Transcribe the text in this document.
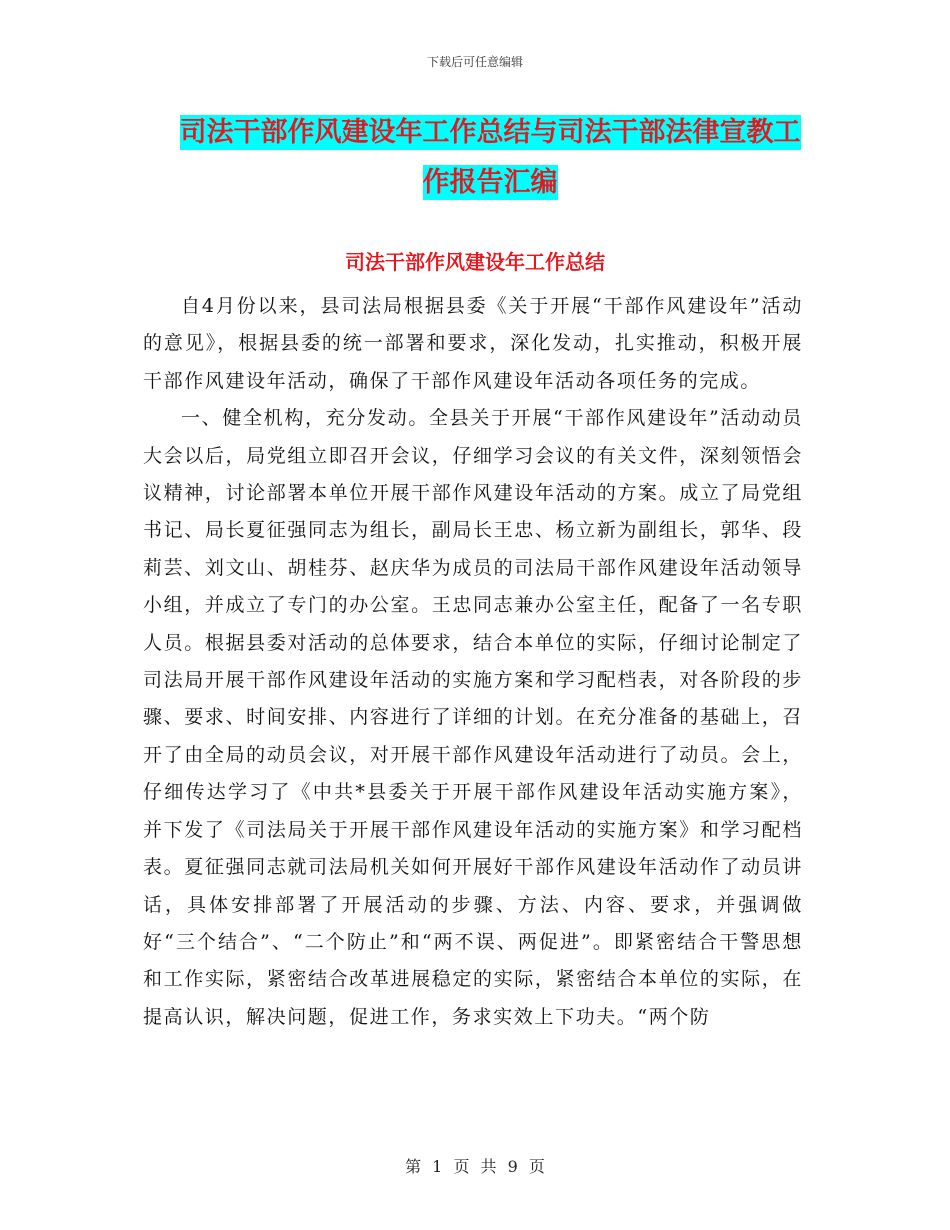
下载后可任意编辑
司法干部作风建设年工作总结与司法干部法律宣教工
作报告汇编
司法干部作风建设年工作总结

自4月份以来，县司法局根据县委《关于开展“干部作风建设年”活动的意见》，根据县委的统一部署和要求，深化发动，扎实推动，积极开展干部作风建设年活动，确保了干部作风建设年活动各项任务的完成。

一、健全机构，充分发动。全县关于开展“干部作风建设年”活动动员大会以后，局党组立即召开会议，仔细学习会议的有关文件，深刻领悟会议精神，讨论部署本单位开展干部作风建设年活动的方案。成立了局党组书记、局长夏征强同志为组长，副局长王忠、杨立新为副组长，郭华、段莉芸、刘文山、胡桂芬、赵庆华为成员的司法局干部作风建设年活动领导小组，并成立了专门的办公室。王忠同志兼办公室主任，配备了一名专职人员。根据县委对活动的总体要求，结合本单位的实际，仔细讨论制定了司法局开展干部作风建设年活动的实施方案和学习配档表，对各阶段的步骤、要求、时间安排、内容进行了详细的计划。在充分准备的基础上，召开了由全局的动员会议，对开展干部作风建设年活动进行了动员。会上，仔细传达学习了《中共*县委关于开展干部作风建设年活动实施方案》，并下发了《司法局关于开展干部作风建设年活动的实施方案》和学习配档表。夏征强同志就司法局机关如何开展好干部作风建设年活动作了动员讲话，具体安排部署了开展活动的步骤、方法、内容、要求，并强调做好“三个结合”、“二个防止”和“两不误、两促进”。即紧密结合干警思想和工作实际，紧密结合改革进展稳定的实际，紧密结合本单位的实际，在提高认识，解决问题，促进工作，务求实效上下功夫。“两个防

第 1 页 共 9 页
